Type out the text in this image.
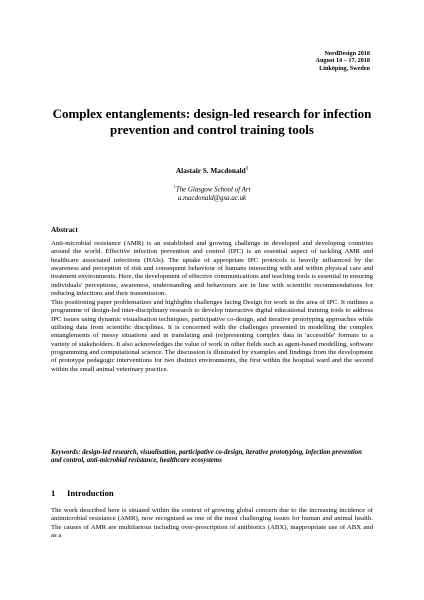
NordDesign 2018
August 14 – 17, 2018
Linköping, Sweden
Complex entanglements: design-led research for infection
prevention and control training tools
Alastair S. Macdonald$^1$
$^1$The Glasgow School of Art
a.macdonald@gsa.ac.uk
Abstract

Anti-microbial resistance (AMR) is an established and growing challenge in developed and developing countries around the world. Effective infection prevention and control (IPC) is an essential aspect of tackling AMR and healthcare associated infections (HAIs). The uptake of appropriate IPC protocols is heavily influenced by the awareness and perception of risk and consequent behaviour of humans interacting with and within physical care and treatment environments. Here, the development of effective communications and teaching tools is essential in ensuring individuals' perceptions, awareness, understanding and behaviours are in line with scientific recommendations for reducing infections and their transmission.

This positioning paper problematizes and highlights challenges facing Design for work in the area of IPC. It outlines a programme of design-led inter-disciplinary research to develop interactive digital educational training tools to address IPC issues using dynamic visualisation techniques, participative co-design, and iterative prototyping approaches while utilising data from scientific disciplines. It is concerned with the challenges presented in modelling the complex entanglements of messy situations and in translating and (re)presenting complex data in 'accessible' formats to a variety of stakeholders. It also acknowledges the value of work in other fields such as agent-based modelling, software programming and computational science. The discussion is illustrated by examples and findings from the development of prototype pedagogic interventions for two distinct environments, the first within the hospital ward and the second within the small animal veterinary practice.

Keywords: design-led research, visualisation, participative co-design, iterative prototyping, infection prevention and control, anti-microbial resistance, healthcare ecosystems

1 Introduction

The work described here is situated within the context of growing global concern due to the increasing incidence of antimicrobial resistance (AMR), now recognised as one of the most challenging issues for human and animal health. The causes of AMR are multifarious including over-prescription of antibiotics (ABX), inappropriate use of ABX and as a
